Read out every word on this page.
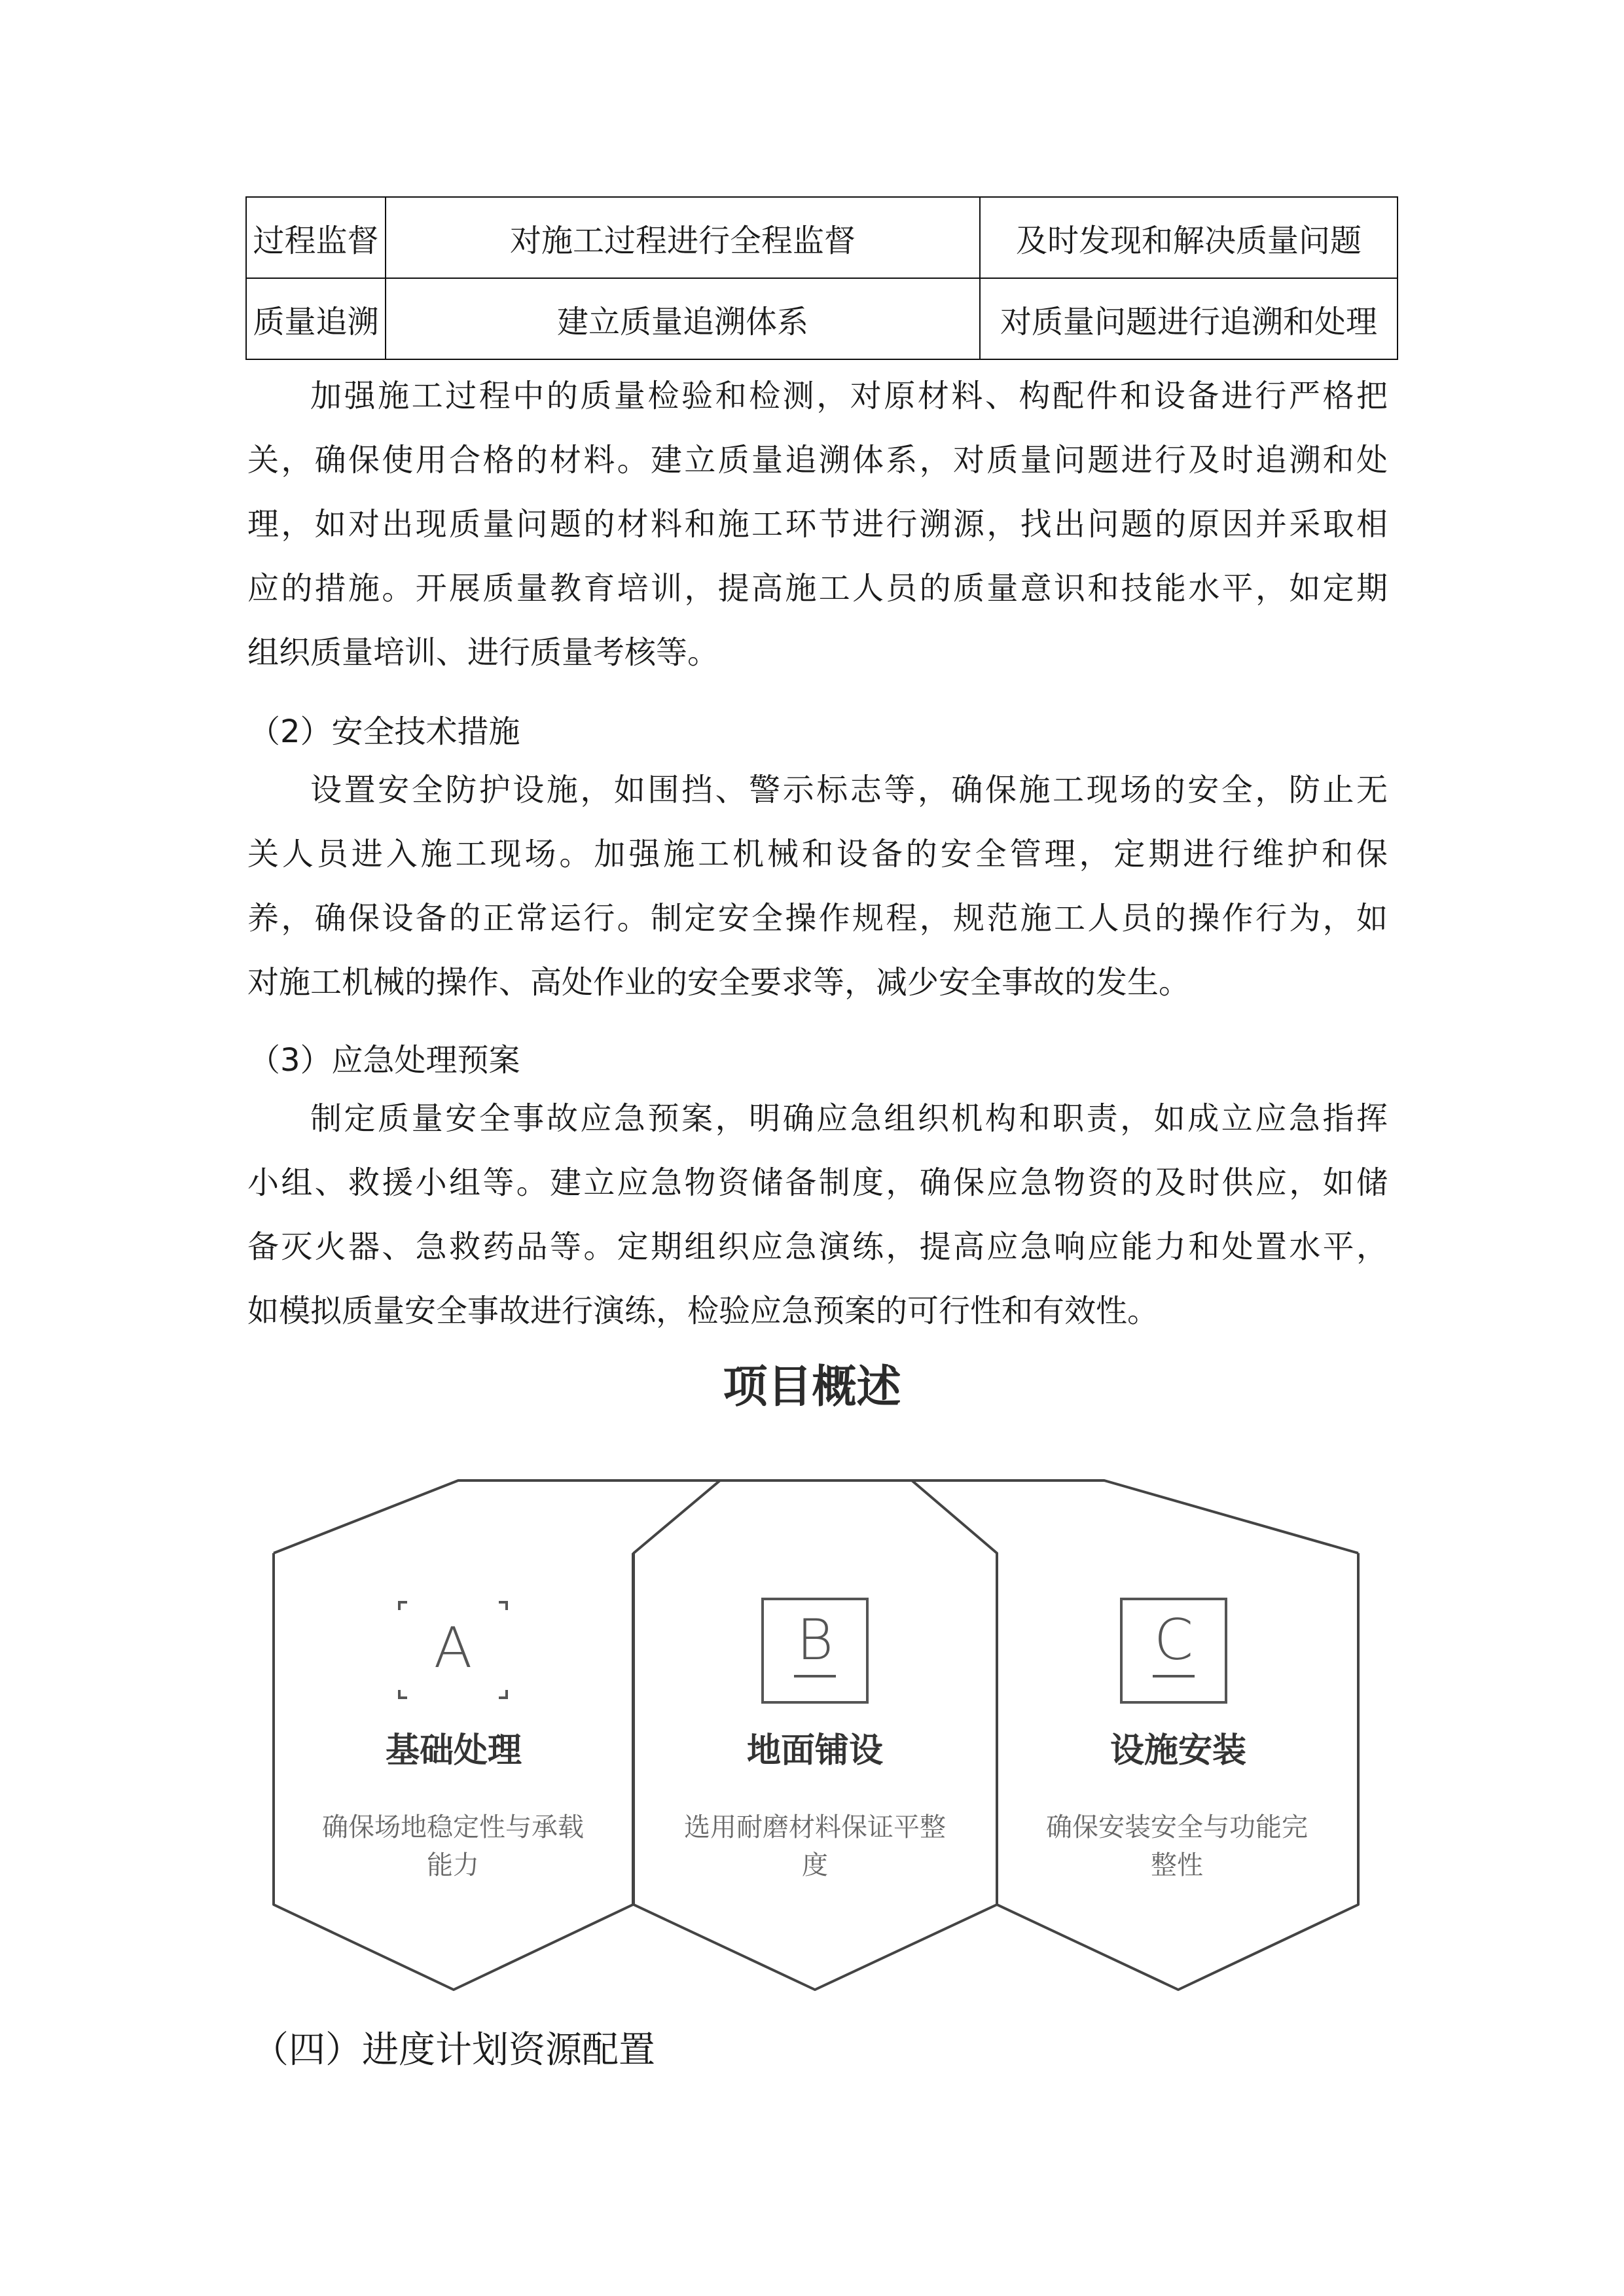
过程监督	对施工过程进行全程监督	及时发现和解决质量问题
质量追溯	建立质量追溯体系	对质量问题进行追溯和处理
加强施工过程中的质量检验和检测，对原材料、构配件和设备进行严格把
关，确保使用合格的材料。建立质量追溯体系，对质量问题进行及时追溯和处
理，如对出现质量问题的材料和施工环节进行溯源，找出问题的原因并采取相
应的措施。开展质量教育培训，提高施工人员的质量意识和技能水平，如定期
组织质量培训、进行质量考核等。
（2）安全技术措施
设置安全防护设施，如围挡、警示标志等，确保施工现场的安全，防止无
关人员进入施工现场。加强施工机械和设备的安全管理，定期进行维护和保
养，确保设备的正常运行。制定安全操作规程，规范施工人员的操作行为，如
对施工机械的操作、高处作业的安全要求等，减少安全事故的发生。
（3）应急处理预案
制定质量安全事故应急预案，明确应急组织机构和职责，如成立应急指挥
小组、救援小组等。建立应急物资储备制度，确保应急物资的及时供应，如储
备灭火器、急救药品等。定期组织应急演练，提高应急响应能力和处置水平，
如模拟质量安全事故进行演练，检验应急预案的可行性和有效性。
项目概述
A	B	C
基础处理	地面铺设	设施安装
确保场地稳定性与承载
能力
选用耐磨材料保证平整
度
确保安装安全与功能完
整性
（四）进度计划资源配置
